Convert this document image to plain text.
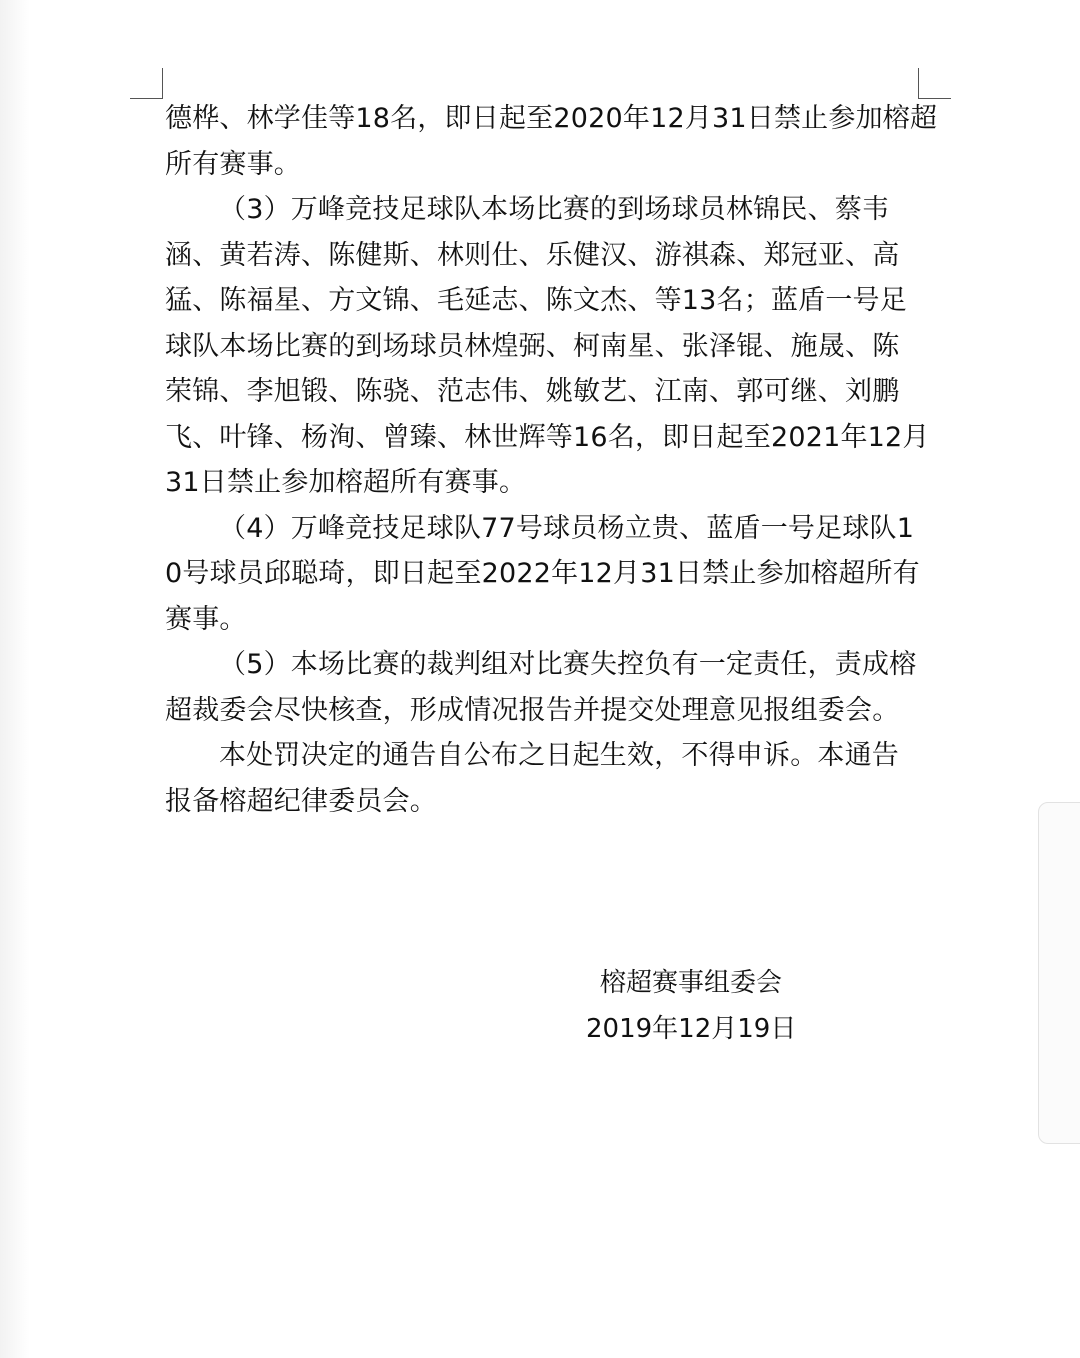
德桦、林学佳等18名，即日起至2020年12月31日禁止参加榕超
所有赛事。
（3）万峰竞技足球队本场比赛的到场球员林锦民、蔡韦
涵、黄若涛、陈健斯、林则仕、乐健汉、游祺森、郑冠亚、高
猛、陈福星、方文锦、毛延志、陈文杰、等13名；蓝盾一号足
球队本场比赛的到场球员林煌弼、柯南星、张泽锟、施晟、陈
荣锦、李旭锻、陈骁、范志伟、姚敏艺、江南、郭可继、刘鹏
飞、叶锋、杨洵、曾臻、林世辉等16名，即日起至2021年12月
31日禁止参加榕超所有赛事。
（4）万峰竞技足球队77号球员杨立贵、蓝盾一号足球队1
0号球员邱聪琦，即日起至2022年12月31日禁止参加榕超所有
赛事。
（5）本场比赛的裁判组对比赛失控负有一定责任，责成榕
超裁委会尽快核查，形成情况报告并提交处理意见报组委会。
本处罚决定的通告自公布之日起生效，不得申诉。本通告
报备榕超纪律委员会。
榕超赛事组委会
2019年12月19日
